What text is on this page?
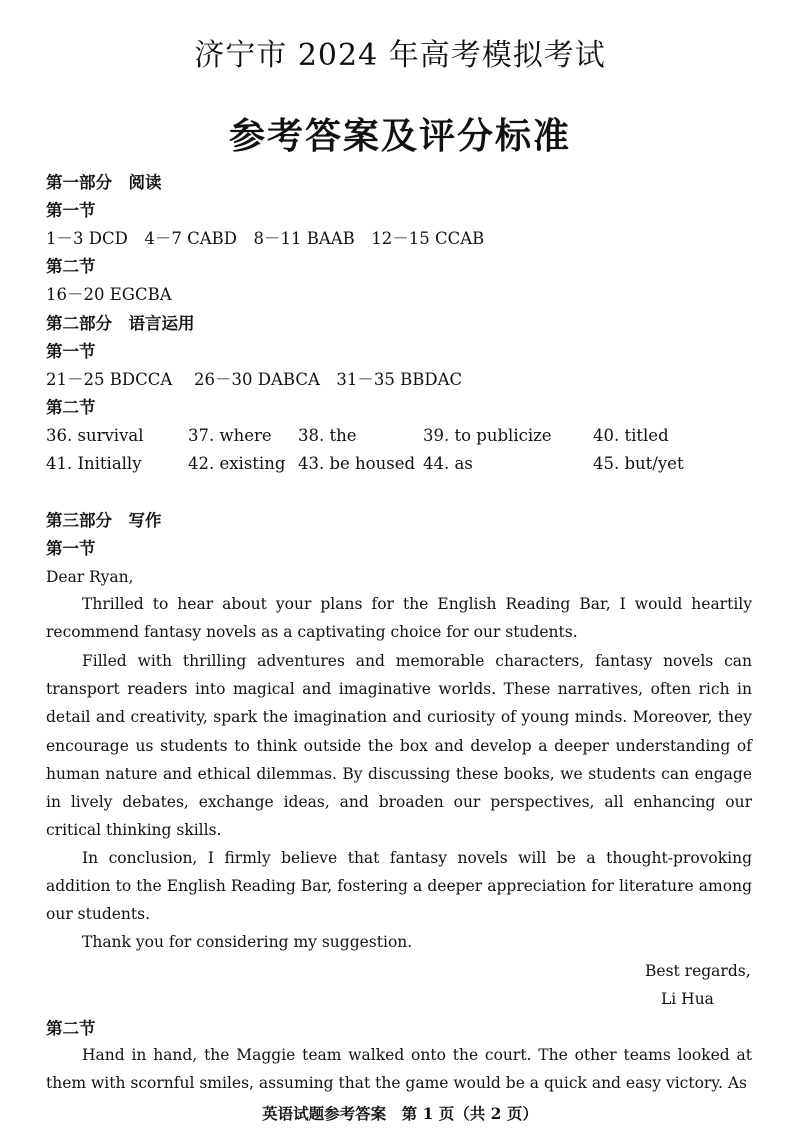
济宁市 2024 年高考模拟考试
参考答案及评分标准
第一部分　阅读
第一节
1－3 DCD　4－7 CABD　8－11 BAAB　12－15 CCAB
第二节
16－20 EGCBA
第二部分　语言运用
第一节
21－25 BDCCA　 26－30 DABCA　31－35 BBDAC
第二节
36. survival	37. where 38. the	39. to publicize	40. titled
41. Initially	42. existing 43. be housed 44. as	45. but/yet
第三部分　写作
第一节
Dear Ryan,

Thrilled to hear about your plans for the English Reading Bar, I would heartily recommend fantasy novels as a captivating choice for our students.

Filled with thrilling adventures and memorable characters, fantasy novels can transport readers into magical and imaginative worlds. These narratives, often rich in detail and creativity, spark the imagination and curiosity of young minds. Moreover, they encourage us students to think outside the box and develop a deeper understanding of human nature and ethical dilemmas. By discussing these books, we students can engage in lively debates, exchange ideas, and broaden our perspectives, all enhancing our critical thinking skills.

In conclusion, I firmly believe that fantasy novels will be a thought-provoking addition to the English Reading Bar, fostering a deeper appreciation for literature among our students.

Thank you for considering my suggestion.

Best regards,
Li Hua
第二节

Hand in hand, the Maggie team walked onto the court. The other teams looked at them with scornful smiles, assuming that the game would be a quick and easy victory. As

英语试题参考答案　第 1 页（共 2 页）
